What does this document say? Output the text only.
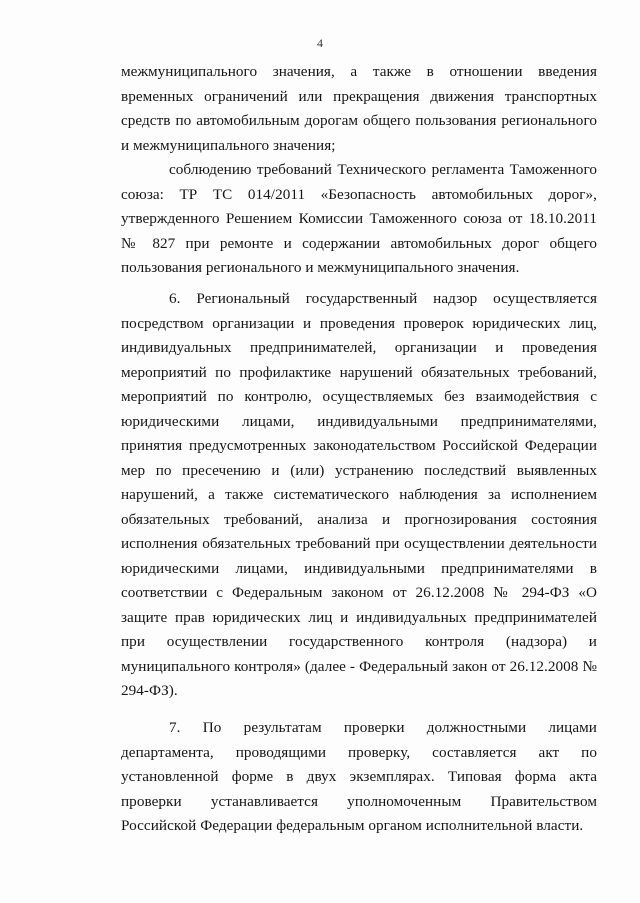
4
межмуниципального значения, а также в отношении введения
временных ограничений или прекращения движения транспортных
средств по автомобильным дорогам общего пользования регионального
и межмуниципального значения;
соблюдению требований Технического регламента Таможенного
союза: ТР ТС 014/2011 «Безопасность автомобильных дорог»,
утвержденного Решением Комиссии Таможенного союза от 18.10.2011
№ 827 при ремонте и содержании автомобильных дорог общего
пользования регионального и межмуниципального значения.
6. Региональный государственный надзор осуществляется
посредством организации и проведения проверок юридических лиц,
индивидуальных предпринимателей, организации и проведения
мероприятий по профилактике нарушений обязательных требований,
мероприятий по контролю, осуществляемых без взаимодействия с
юридическими лицами, индивидуальными предпринимателями,
принятия предусмотренных законодательством Российской Федерации
мер по пресечению и (или) устранению последствий выявленных
нарушений, а также систематического наблюдения за исполнением
обязательных требований, анализа и прогнозирования состояния
исполнения обязательных требований при осуществлении деятельности
юридическими лицами, индивидуальными предпринимателями в
соответствии с Федеральным законом от 26.12.2008 № 294-ФЗ «О
защите прав юридических лиц и индивидуальных предпринимателей
при осуществлении государственного контроля (надзора) и
муниципального контроля» (далее - Федеральный закон от 26.12.2008 №
294-ФЗ).
7. По результатам проверки должностными лицами
департамента, проводящими проверку, составляется акт по
установленной форме в двух экземплярах. Типовая форма акта
проверки устанавливается уполномоченным Правительством
Российской Федерации федеральным органом исполнительной власти.
